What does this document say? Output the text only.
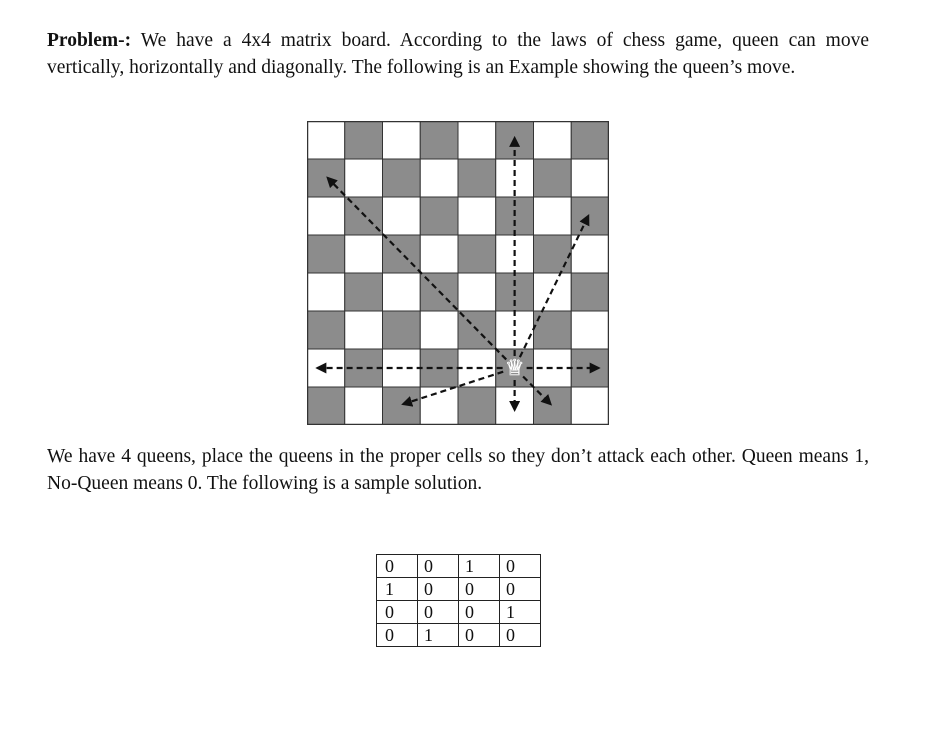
Problem-: We have a 4x4 matrix board. According to the laws of chess game, queen can move vertically, horizontally and diagonally. The following is an Example showing the queen’s move.

♕

We have 4 queens, place the queens in the proper cells so they don’t attack each other. Queen means 1, No-Queen means 0. The following is a sample solution.

0	0	1	0
1	0	0	0
0	0	0	1
0	1	0	0
